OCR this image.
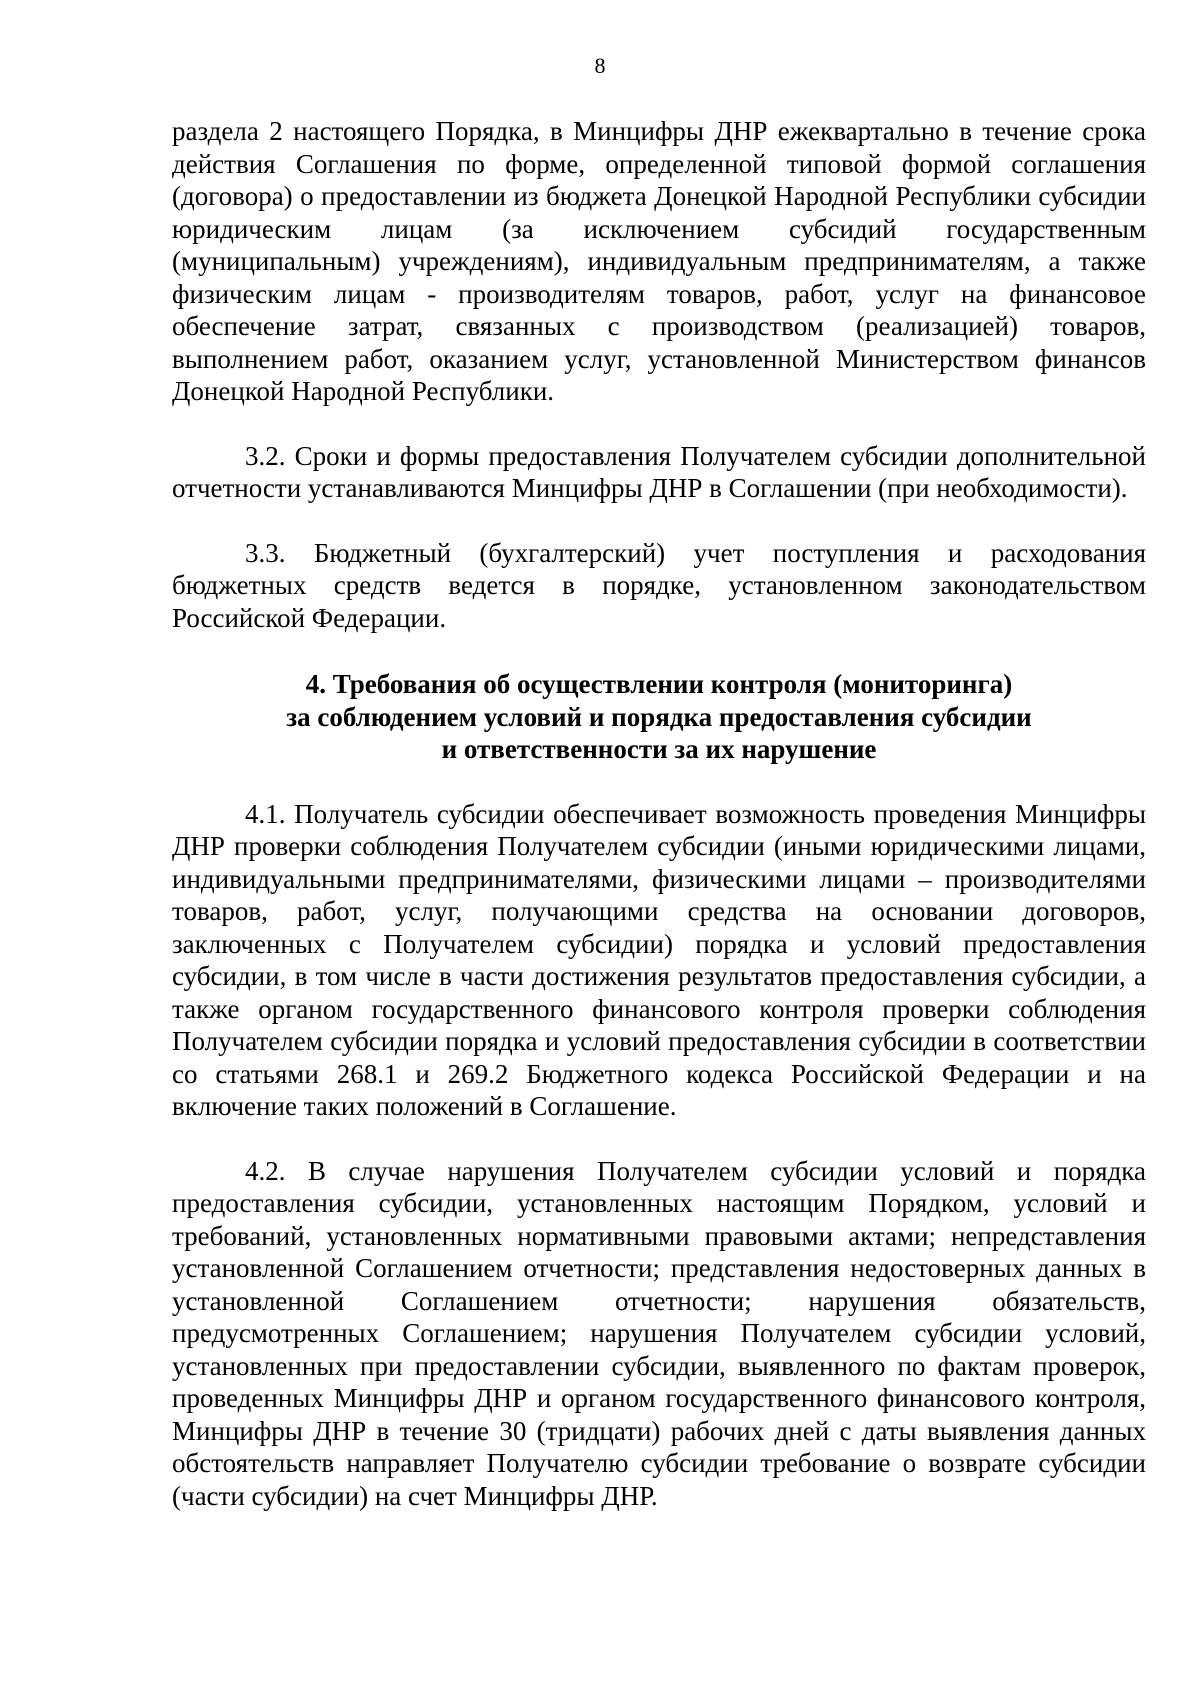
8

раздела 2 настоящего Порядка, в Минцифры ДНР ежеквартально в течение срока действия Соглашения по форме, определенной типовой формой соглашения (договора) о предоставлении из бюджета Донецкой Народной Республики субсидии юридическим лицам (за исключением субсидий государственным (муниципальным) учреждениям), индивидуальным предпринимателям, а также физическим лицам - производителям товаров, работ, услуг на финансовое обеспечение затрат, связанных с производством (реализацией) товаров, выполнением работ, оказанием услуг, установленной Министерством финансов Донецкой Народной Республики.

3.2. Сроки и формы предоставления Получателем субсидии дополнительной отчетности устанавливаются Минцифры ДНР в Соглашении (при необходимости).

3.3. Бюджетный (бухгалтерский) учет поступления и расходования бюджетных средств ведется в порядке, установленном законодательством Российской Федерации.

4. Требования об осуществлении контроля (мониторинга)
за соблюдением условий и порядка предоставления субсидии
и ответственности за их нарушение

4.1. Получатель субсидии обеспечивает возможность проведения Минцифры ДНР проверки соблюдения Получателем субсидии (иными юридическими лицами, индивидуальными предпринимателями, физическими лицами – производителями товаров, работ, услуг, получающими средства на основании договоров, заключенных с Получателем субсидии) порядка и условий предоставления субсидии, в том числе в части достижения результатов предоставления субсидии, а также органом государственного финансового контроля проверки соблюдения Получателем субсидии порядка и условий предоставления субсидии в соответствии со статьями 268.1 и 269.2 Бюджетного кодекса Российской Федерации и на включение таких положений в Соглашение.

4.2. В случае нарушения Получателем субсидии условий и порядка предоставления субсидии, установленных настоящим Порядком, условий и требований, установленных нормативными правовыми актами; непредставления установленной Соглашением отчетности; представления недостоверных данных в установленной Соглашением отчетности; нарушения обязательств, предусмотренных Соглашением; нарушения Получателем субсидии условий, установленных при предоставлении субсидии, выявленного по фактам проверок, проведенных Минцифры ДНР и органом государственного финансового контроля, Минцифры ДНР в течение 30 (тридцати) рабочих дней с даты выявления данных обстоятельств направляет Получателю субсидии требование о возврате субсидии (части субсидии) на счет Минцифры ДНР.
